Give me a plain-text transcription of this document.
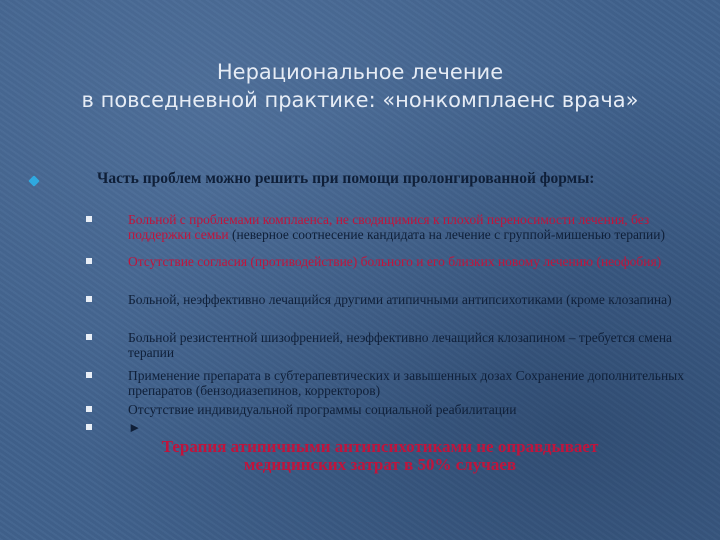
Нерациональное лечение
в повседневной практике: «нонкомплаенс врача»
Часть проблем можно решить при помощи пролонгированной формы:
Больной с проблемами комплаенса, не сводящимися к плохой переносимости лечения, без поддержки семьи (неверное соотнесение кандидата на лечение с группой-мишенью терапии)
Отсутствие согласия (противодействие) больного и его близких новому лечению (неофобия)
Больной, неэффективно лечащийся другими атипичными антипсихотиками (кроме клозапина)
Больной резистентной шизофренией, неэффективно лечащийся клозапином – требуется смена терапии
Применение препарата в субтерапевтических и завышенных дозах Сохранение дополнительных препаратов (бензодиазепинов, корректоров)
Отсутствие индивидуальной программы социальной реабилитации
►
Терапия атипичными антипсихотиками не оправдывает
медицинских затрат в 50% случаев
